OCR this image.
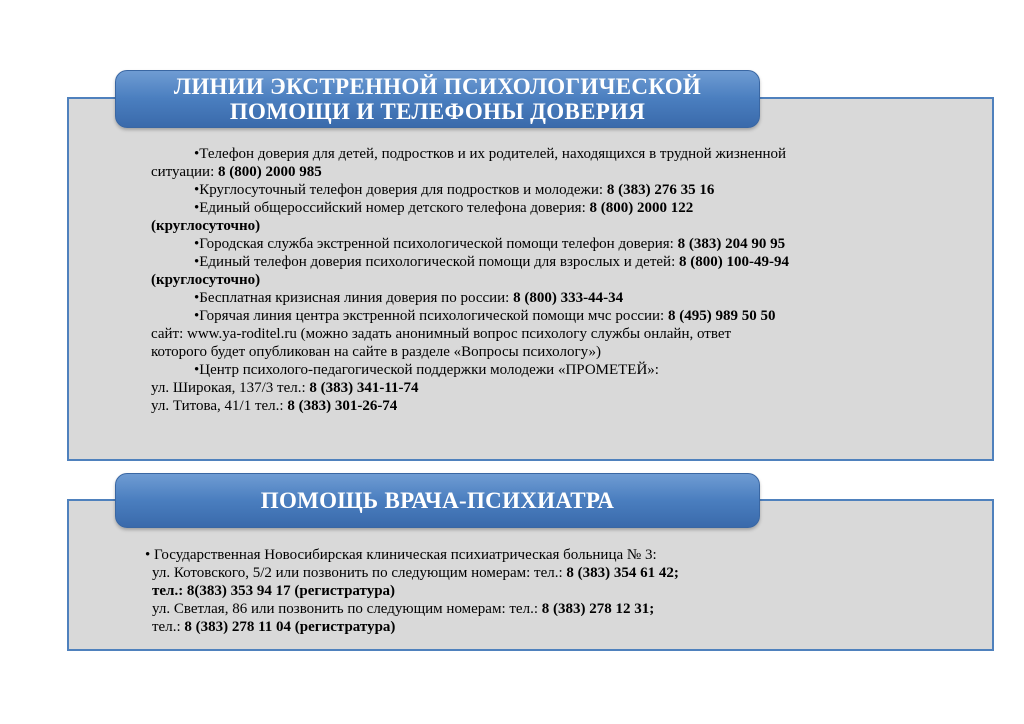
ЛИНИИ ЭКСТРЕННОЙ ПСИХОЛОГИЧЕСКОЙ
ПОМОЩИ И ТЕЛЕФОНЫ ДОВЕРИЯ
•Телефон доверия для детей, подростков и их родителей, находящихся в трудной жизненной
ситуации: 8 (800) 2000 985
•Круглосуточный телефон доверия для подростков и молодежи: 8 (383) 276 35 16
•Единый общероссийский номер детского телефона доверия: 8 (800) 2000 122
(круглосуточно)
•Городская служба экстренной психологической помощи телефон доверия: 8 (383) 204 90 95
•Единый телефон доверия психологической помощи для взрослых и детей: 8 (800) 100-49-94
(круглосуточно)
•Бесплатная кризисная линия доверия по россии: 8 (800) 333-44-34
•Горячая линия центра экстренной психологической помощи мчс россии: 8 (495) 989 50 50
сайт: www.ya-roditel.ru (можно задать анонимный вопрос психологу службы онлайн, ответ
которого будет опубликован на сайте в разделе «Вопросы психологу»)
•Центр психолого-педагогической поддержки молодежи «ПРОМЕТЕЙ»:
ул. Широкая, 137/3 тел.: 8 (383) 341-11-74
ул. Титова, 41/1 тел.: 8 (383) 301-26-74
ПОМОЩЬ ВРАЧА-ПСИХИАТРА
• Государственная Новосибирская клиническая психиатрическая больница № 3:
ул. Котовского, 5/2 или позвонить по следующим номерам: тел.: 8 (383) 354 61 42;
тел.: 8(383) 353 94 17 (регистратура)
ул. Светлая, 86 или позвонить по следующим номерам: тел.: 8 (383) 278 12 31;
тел.: 8 (383) 278 11 04 (регистратура)
